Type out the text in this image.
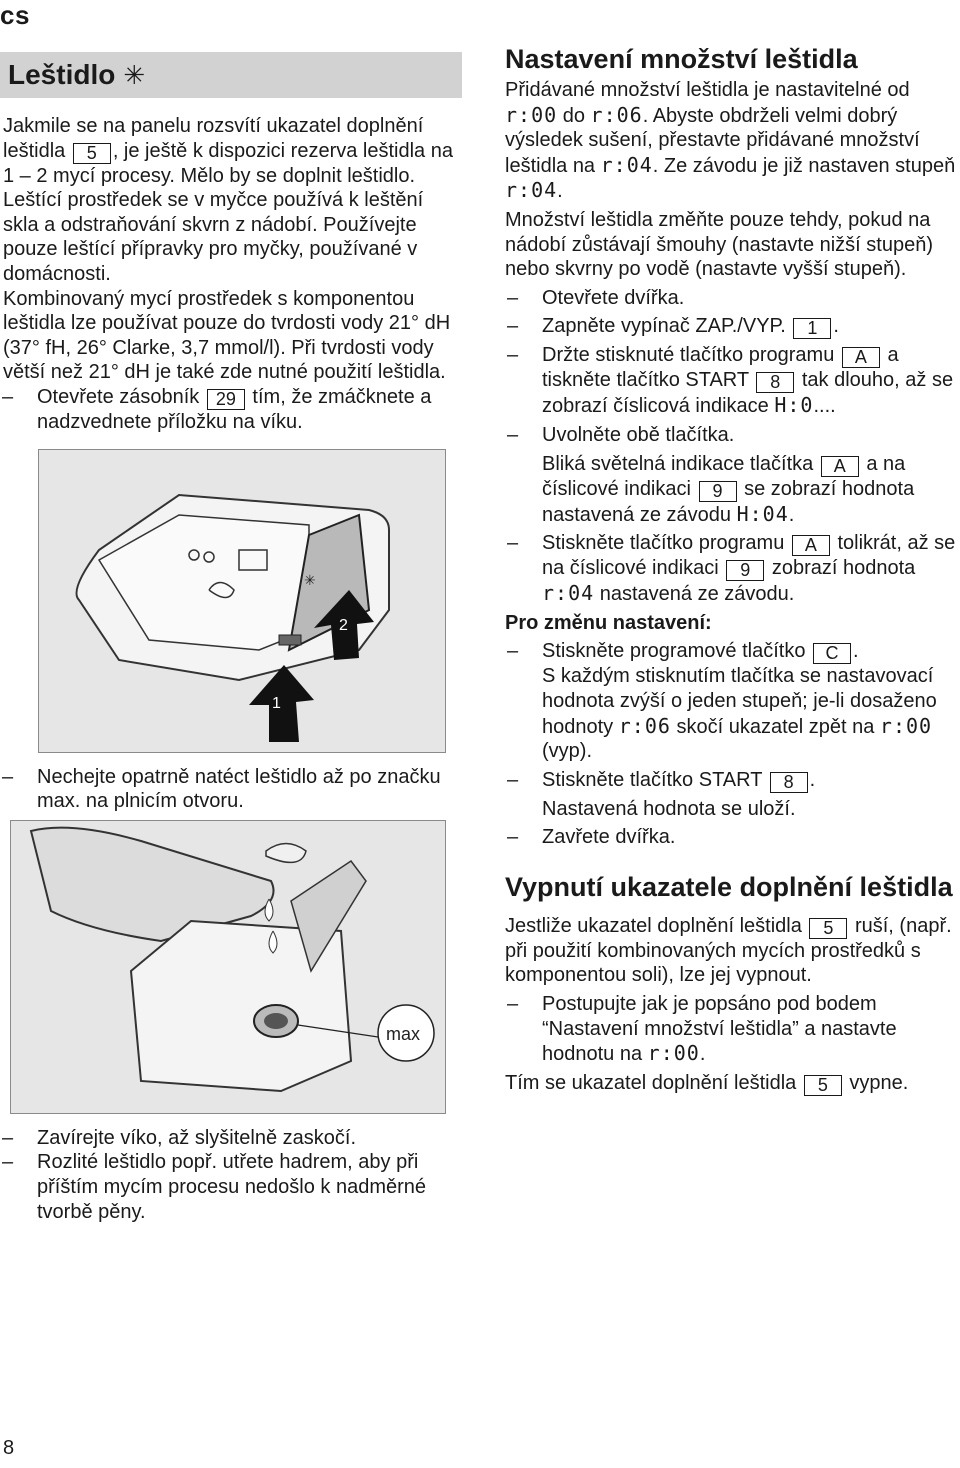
cs
Leštidlo ✳

Jakmile se na panelu rozsvítí ukazatel doplnění leštidla 5 , je ještě k dispozici rezerva leštidla na 1 – 2 mycí procesy. Mělo by se doplnit leštidlo.

Leštící prostředek se v myčce používá k leštění skla a odstraňování skvrn z nádobí. Používejte pouze leštící přípravky pro myčky, používané v domácnosti.

Kombinovaný mycí prostředek s komponentou leštidla lze používat pouze do tvrdosti vody 21° dH (37° fH, 26° Clarke, 3,7 mmol/l). Při tvrdosti vody větší než 21° dH je také zde nutné použití leštidla.

–	Otevřete zásobník 29 tím, že zmáčknete a nadzvednete příložku na víku.
✳
1
2
–	Nechejte opatrně natéct leštidlo až po značku max. na plnicím otvoru.
max
–	Zavírejte víko, až slyšitelně zaskočí.
–	Rozlité leštidlo popř. utřete hadrem, aby při příštím mycím procesu nedošlo k nadměrné tvorbě pěny.
Nastavení množství leštidla

Přidávané množství leštidla je nastavitelné od r:00 do r:06. Abyste obdrželi velmi dobrý výsledek sušení, přestavte přidávané množství leštidla na r:04. Ze závodu je již nastaven stupeň r:04.

Množství leštidla změňte pouze tehdy, pokud na nádobí zůstávají šmouhy (nastavte nižší stupeň) nebo skvrny po vodě (nastavte vyšší stupeň).

–	Otevřete dvířka.
–	Zapněte vypínač ZAP./VYP. 1 .
–	Držte stisknuté tlačítko programu A a tiskněte tlačítko START 8 tak dlouho, až se zobrazí číslicová indikace H:0....
–	Uvolněte obě tlačítka.

Bliká světelná indikace tlačítka A a na číslicové indikaci 9 se zobrazí hodnota nastavená ze závodu H:04.

–	Stiskněte tlačítko programu A tolikrát, až se na číslicové indikaci 9 zobrazí hodnota r:04 nastavená ze závodu.
Pro změnu nastavení:
–	Stiskněte programové tlačítko C .

S každým stisknutím tlačítka se nastavovací hodnota zvýší o jeden stupeň; je-li dosaženo hodnoty r:06 skočí ukazatel zpět na r:00 (vyp).

–	Stiskněte tlačítko START 8 .

Nastavená hodnota se uloží.

–	Zavřete dvířka.
Vypnutí ukazatele doplnění leštidla

Jestliže ukazatel doplnění leštidla 5 ruší, (např. při použití kombinovaných mycích prostředků s komponentou soli), lze jej vypnout.

–	Postupujte jak je popsáno pod bodem “Nastavení množství leštidla” a nastavte hodnotu na r:00.

Tím se ukazatel doplnění leštidla 5 vypne.

8
